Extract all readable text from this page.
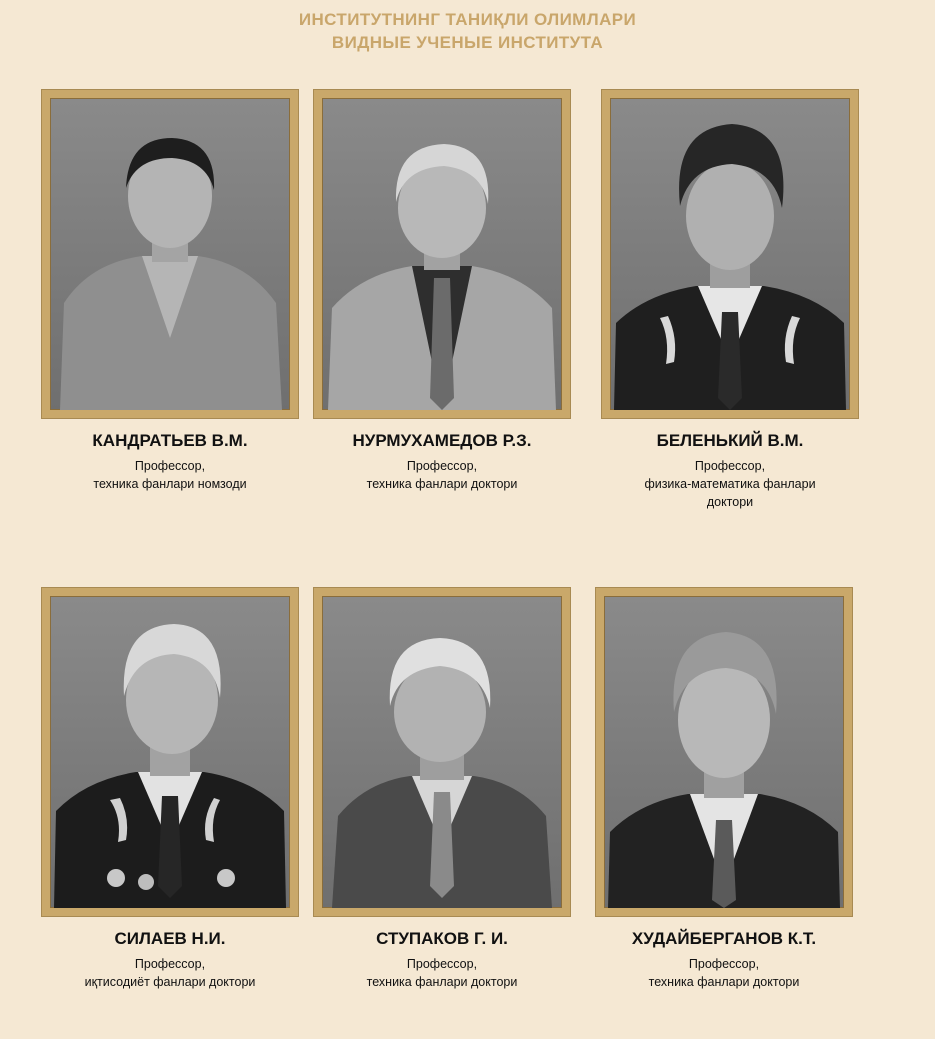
ИНСТИТУТНИНГ ТАНИҚЛИ ОЛИМЛАРИ
ВИДНЫЕ УЧЕНЫЕ ИНСТИТУТА
КАНДРАТЬЕВ В.М.
Профессор,
техника фанлари номзоди
НУРМУХАМЕДОВ Р.З.
Профессор,
техника фанлари доктори
БЕЛЕНЬКИЙ В.М.
Профессор,
физика-математика фанлари
доктори
СИЛАЕВ Н.И.
Профессор,
иқтисодиёт фанлари доктори
СТУПАКОВ Г. И.
Профессор,
техника фанлари доктори
ХУДАЙБЕРГАНОВ К.Т.
Профессор,
техника фанлари доктори
